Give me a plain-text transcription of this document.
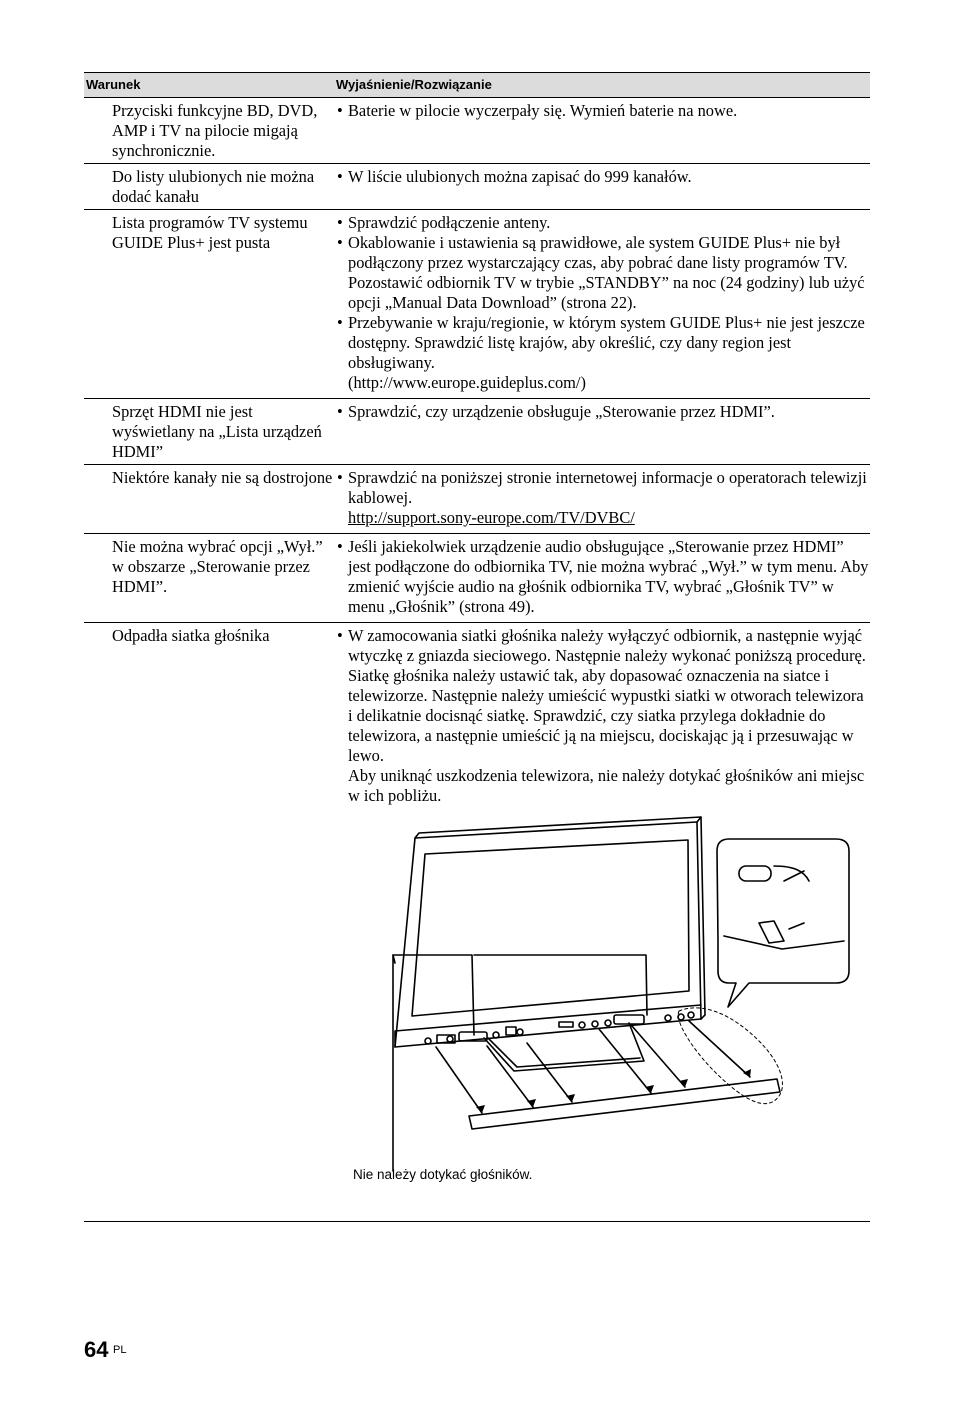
Warunek	Wyjaśnienie/Rozwiązanie
Przyciski funkcyjne BD, DVD, AMP i TV na pilocie migają synchronicznie.
• Baterie w pilocie wyczerpały się. Wymień baterie na nowe.
Do listy ulubionych nie można dodać kanału
• W liście ulubionych można zapisać do 999 kanałów.
Lista programów TV systemu GUIDE Plus+ jest pusta
• Sprawdzić podłączenie anteny.
• Okablowanie i ustawienia są prawidłowe, ale system GUIDE Plus+ nie był podłączony przez wystarczający czas, aby pobrać dane listy programów TV. Pozostawić odbiornik TV w trybie „STANDBY” na noc (24 godziny) lub użyć opcji „Manual Data Download” (strona 22).
• Przebywanie w kraju/regionie, w którym system GUIDE Plus+ nie jest jeszcze dostępny. Sprawdzić listę krajów, aby określić, czy dany region jest obsługiwany.
(http://www.europe.guideplus.com/)
Sprzęt HDMI nie jest wyświetlany na „Lista urządzeń HDMI”
• Sprawdzić, czy urządzenie obsługuje „Sterowanie przez HDMI”.
Niektóre kanały nie są dostrojone • Sprawdzić na poniższej stronie internetowej informacje o operatorach telewizji kablowej.
http://support.sony-europe.com/TV/DVBC/
Nie można wybrać opcji „Wył.” w obszarze „Sterowanie przez HDMI”.
• Jeśli jakiekolwiek urządzenie audio obsługujące „Sterowanie przez HDMI” jest podłączone do odbiornika TV, nie można wybrać „Wył.” w tym menu. Aby zmienić wyjście audio na głośnik odbiornika TV, wybrać „Głośnik TV” w menu „Głośnik” (strona 49).
Odpadła siatka głośnika	• W zamocowania siatki głośnika należy wyłączyć odbiornik, a następnie wyjąć wtyczkę z gniazda sieciowego. Następnie należy wykonać poniższą procedurę.
Siatkę głośnika należy ustawić tak, aby dopasować oznaczenia na siatce i telewizorze. Następnie należy umieścić wypustki siatki w otworach telewizora i delikatnie docisnąć siatkę. Sprawdzić, czy siatka przylega dokładnie do telewizora, a następnie umieścić ją na miejscu, dociskając ją i przesuwając w lewo.
Aby uniknąć uszkodzenia telewizora, nie należy dotykać głośników ani miejsc w ich pobliżu.
Nie należy dotykać głośników.
64 PL
